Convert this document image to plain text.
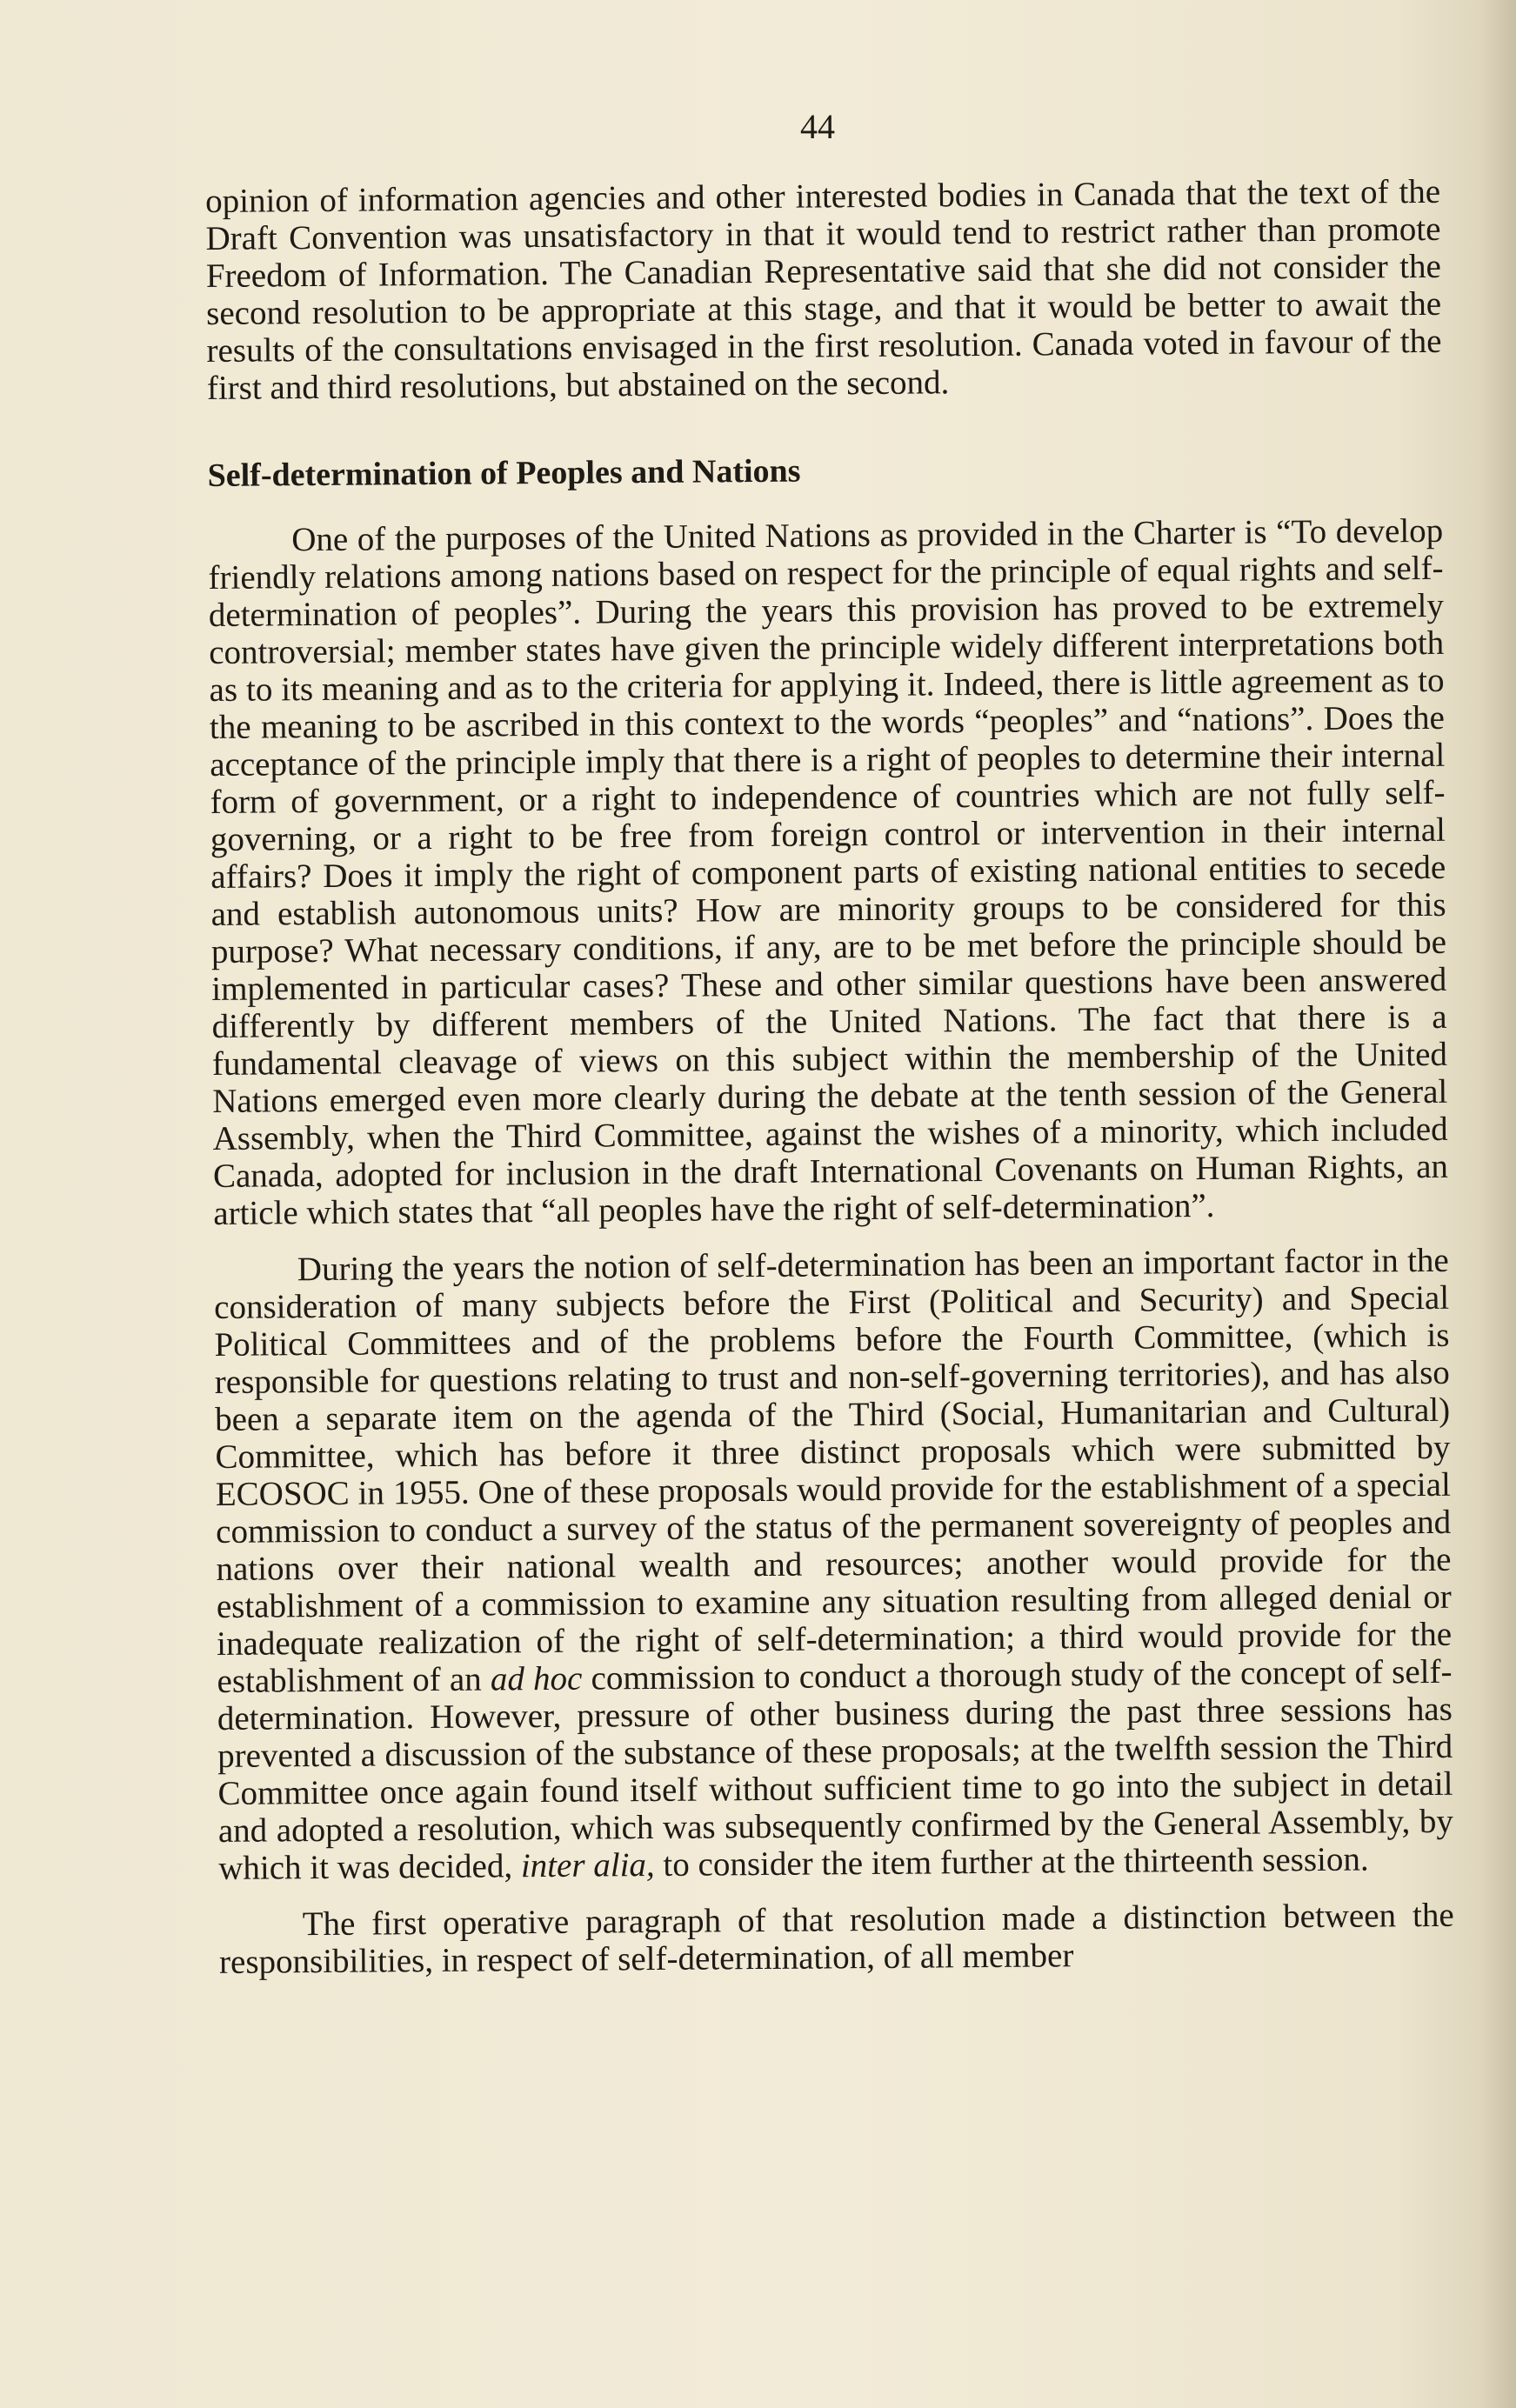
44

opinion of information agencies and other interested bodies in Canada that the text of the Draft Convention was unsatisfactory in that it would tend to restrict rather than promote Freedom of Information. The Canadian Representative said that she did not consider the second resolution to be appropriate at this stage, and that it would be better to await the results of the consultations envisaged in the first resolution. Canada voted in favour of the first and third resolutions, but abstained on the second.

Self-determination of Peoples and Nations

One of the purposes of the United Nations as provided in the Charter is “To develop friendly relations among nations based on respect for the principle of equal rights and self-determination of peoples”. During the years this provision has proved to be extremely controversial; member states have given the principle widely different interpretations both as to its meaning and as to the criteria for applying it. Indeed, there is little agreement as to the meaning to be ascribed in this context to the words “peoples” and “nations”. Does the acceptance of the principle imply that there is a right of peoples to determine their internal form of government, or a right to independence of countries which are not fully self-governing, or a right to be free from foreign control or intervention in their internal affairs? Does it imply the right of component parts of existing national entities to secede and establish autonomous units? How are minority groups to be considered for this purpose? What necessary conditions, if any, are to be met before the principle should be implemented in particular cases? These and other similar questions have been answered differently by different members of the United Nations. The fact that there is a fundamental cleavage of views on this subject within the membership of the United Nations emerged even more clearly during the debate at the tenth session of the General Assembly, when the Third Committee, against the wishes of a minority, which included Canada, adopted for inclusion in the draft International Covenants on Human Rights, an article which states that “all peoples have the right of self-determination”.

During the years the notion of self-determination has been an important factor in the consideration of many subjects before the First (Political and Security) and Special Political Committees and of the problems before the Fourth Committee, (which is responsible for questions relating to trust and non-self-governing territories), and has also been a separate item on the agenda of the Third (Social, Humanitarian and Cultural) Committee, which has before it three distinct proposals which were submitted by ECOSOC in 1955. One of these proposals would provide for the establishment of a special commission to conduct a survey of the status of the permanent sovereignty of peoples and nations over their national wealth and resources; another would provide for the establishment of a commission to examine any situation resulting from alleged denial or inadequate realization of the right of self-determination; a third would provide for the establishment of an ad hoc commission to conduct a thorough study of the concept of self-determination. However, pressure of other business during the past three sessions has prevented a discussion of the substance of these proposals; at the twelfth session the Third Committee once again found itself without sufficient time to go into the subject in detail and adopted a resolution, which was subsequently confirmed by the General Assembly, by which it was decided, inter alia, to consider the item further at the thirteenth session.

The first operative paragraph of that resolution made a distinction between the responsibilities, in respect of self-determination, of all member
